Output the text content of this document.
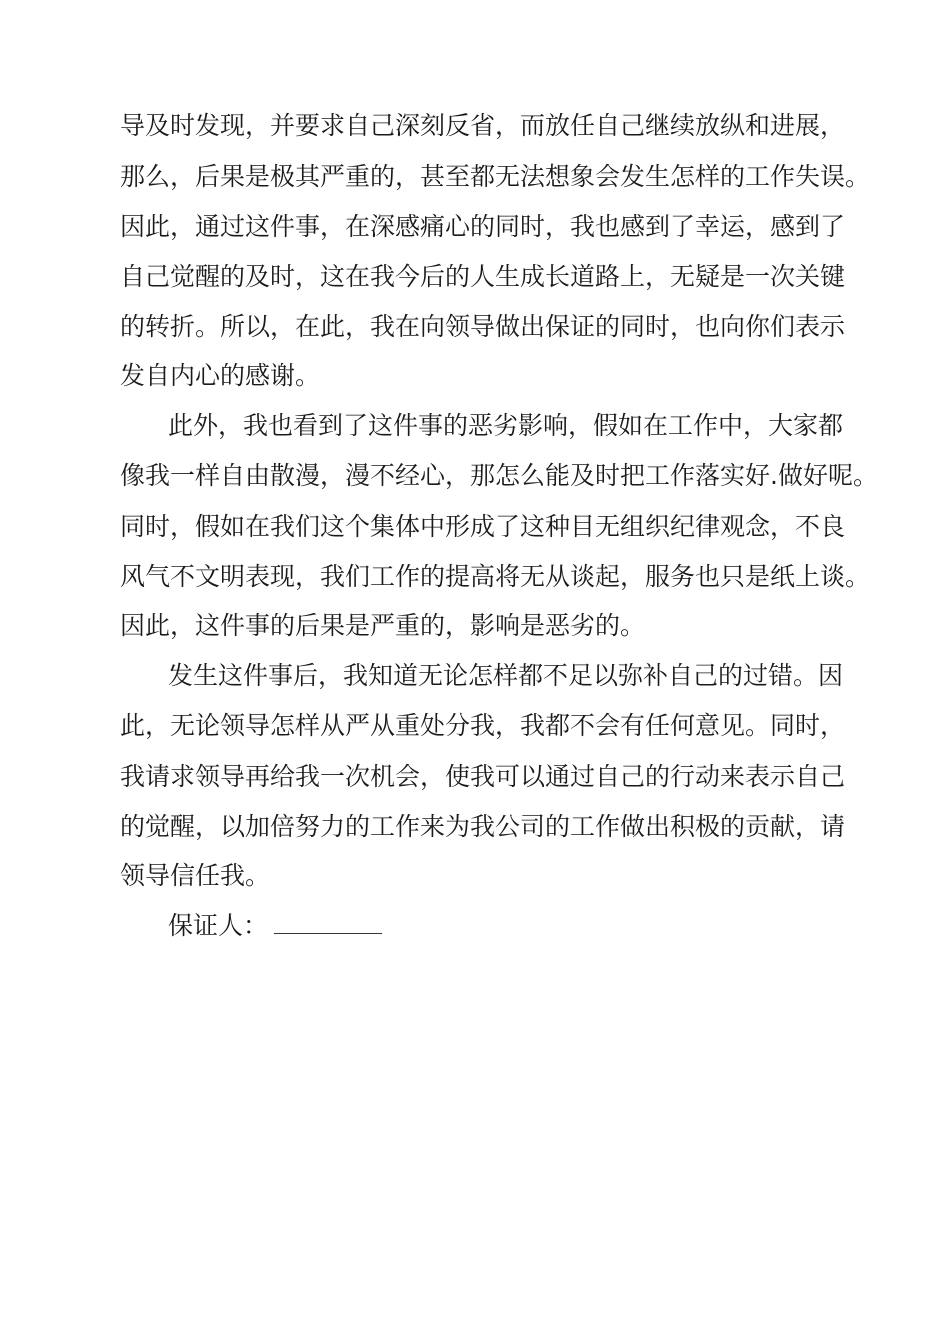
导及时发现，并要求自己深刻反省，而放任自己继续放纵和进展，
那么，后果是极其严重的，甚至都无法想象会发生怎样的工作失误。
因此，通过这件事，在深感痛心的同时，我也感到了幸运，感到了
自己觉醒的及时，这在我今后的人生成长道路上，无疑是一次关键
的转折。所以，在此，我在向领导做出保证的同时，也向你们表示
发自内心的感谢。
此外，我也看到了这件事的恶劣影响，假如在工作中，大家都
像我一样自由散漫，漫不经心，那怎么能及时把工作落实好.做好呢。
同时，假如在我们这个集体中形成了这种目无组织纪律观念，不良
风气不文明表现，我们工作的提高将无从谈起，服务也只是纸上谈。
因此，这件事的后果是严重的，影响是恶劣的。
发生这件事后，我知道无论怎样都不足以弥补自己的过错。因
此，无论领导怎样从严从重处分我，我都不会有任何意见。同时，
我请求领导再给我一次机会，使我可以通过自己的行动来表示自己
的觉醒，以加倍努力的工作来为我公司的工作做出积极的贡献，请
领导信任我。
保证人：
